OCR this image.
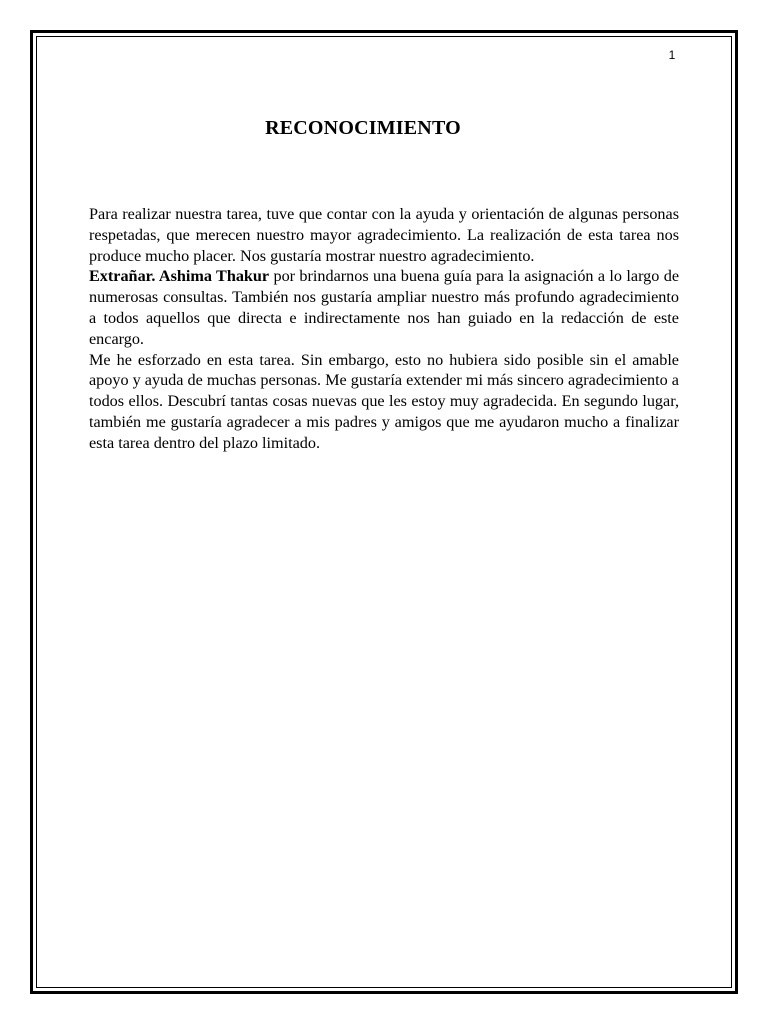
1
RECONOCIMIENTO

Para realizar nuestra tarea, tuve que contar con la ayuda y orientación de algunas personas respetadas, que merecen nuestro mayor agradecimiento. La realización de esta tarea nos produce mucho placer. Nos gustaría mostrar nuestro agradecimiento.

Extrañar. Ashima Thakur por brindarnos una buena guía para la asignación a lo largo de numerosas consultas. También nos gustaría ampliar nuestro más profundo agradecimiento a todos aquellos que directa e indirectamente nos han guiado en la redacción de este encargo.

Me he esforzado en esta tarea. Sin embargo, esto no hubiera sido posible sin el amable apoyo y ayuda de muchas personas. Me gustaría extender mi más sincero agradecimiento a todos ellos. Descubrí tantas cosas nuevas que les estoy muy agradecida. En segundo lugar, también me gustaría agradecer a mis padres y amigos que me ayudaron mucho a finalizar esta tarea dentro del plazo limitado.
